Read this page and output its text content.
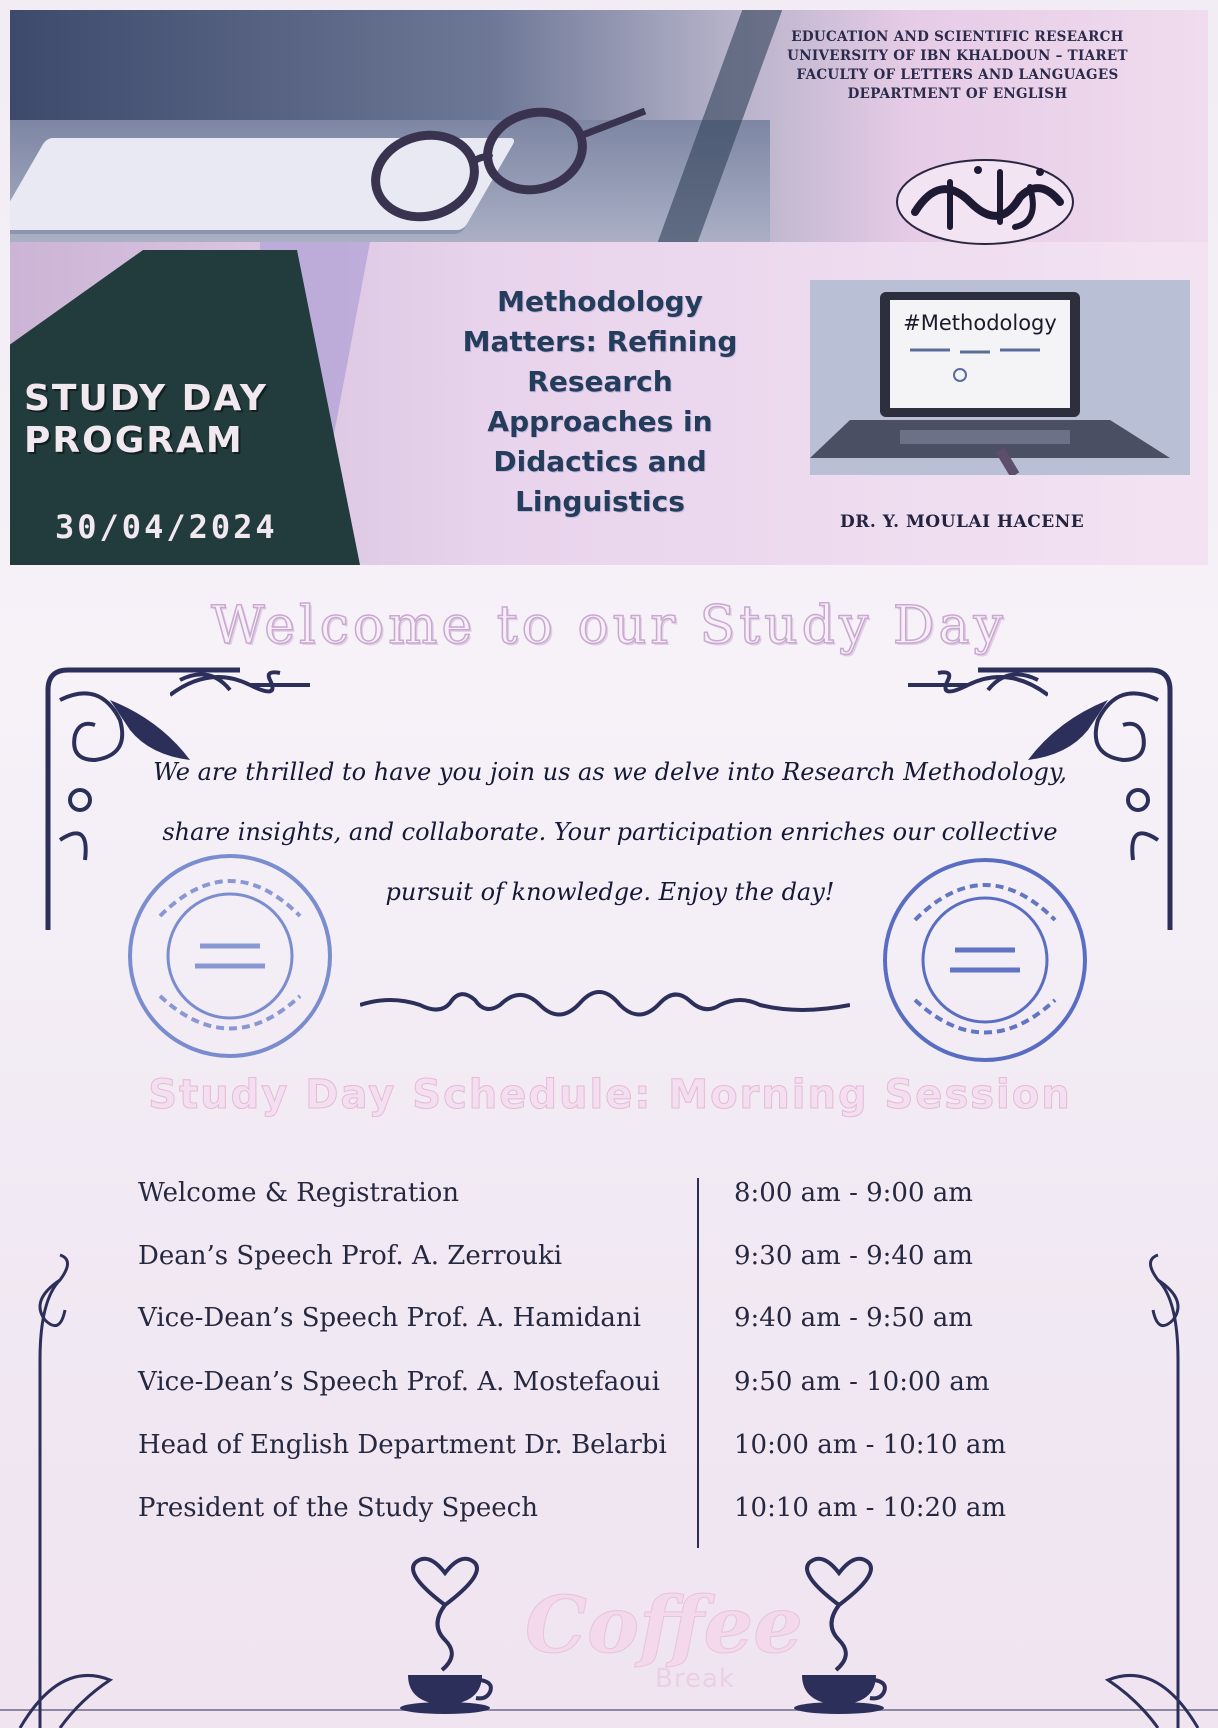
EDUCATION AND SCIENTIFIC RESEARCH
UNIVERSITY OF IBN KHALDOUN – TIARET
FACULTY OF LETTERS AND LANGUAGES
DEPARTMENT OF ENGLISH
STUDY DAY
PROGRAM
30/04/2024
Methodology
Matters: Refining
Research
Approaches in
Didactics and
Linguistics
#Methodology
DR. Y. MOULAI HACENE
Welcome to our Study Day
We are thrilled to have you join us as we delve into Research Methodology,
share insights, and collaborate. Your participation enriches our collective
pursuit of knowledge. Enjoy the day!
Study Day Schedule: Morning Session
Welcome & Registration	8:00 am - 9:00 am
Dean’s Speech Prof. A. Zerrouki	9:30 am - 9:40 am
Vice-Dean’s Speech Prof. A. Hamidani	9:40 am - 9:50 am
Vice-Dean’s Speech Prof. A. Mostefaoui	9:50 am - 10:00 am
Head of English Department Dr. Belarbi	10:00 am - 10:10 am
President of the Study Speech	10:10 am - 10:20 am
Coffee
Break
